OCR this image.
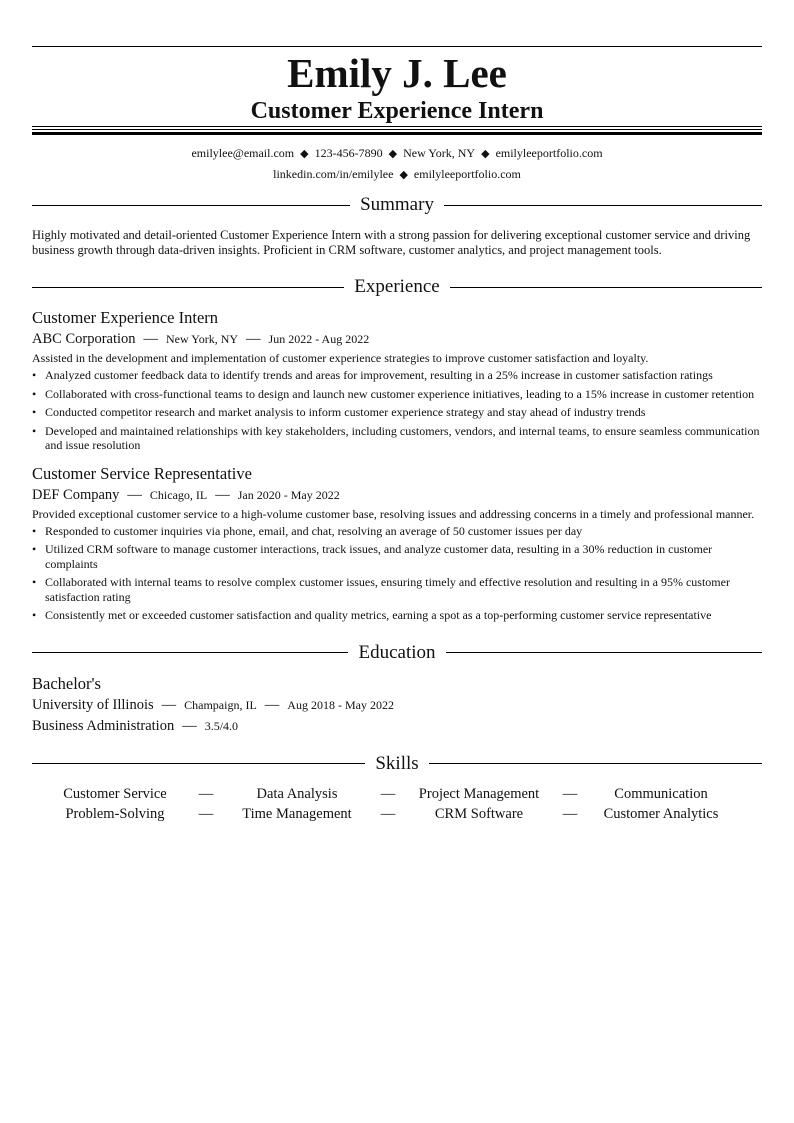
Emily J. Lee
Customer Experience Intern
emilylee@email.com ◆ 123-456-7890 ◆ New York, NY ◆ emilyleeportfolio.com
linkedin.com/in/emilylee ◆ emilyleeportfolio.com
Summary
Highly motivated and detail-oriented Customer Experience Intern with a strong passion for delivering exceptional customer service and driving business growth through data-driven insights. Proficient in CRM software, customer analytics, and project management tools.
Experience
Customer Experience Intern
ABC Corporation — New York, NY — Jun 2022 - Aug 2022
Assisted in the development and implementation of customer experience strategies to improve customer satisfaction and loyalty.
• Analyzed customer feedback data to identify trends and areas for improvement, resulting in a 25% increase in customer satisfaction ratings
• Collaborated with cross-functional teams to design and launch new customer experience initiatives, leading to a 15% increase in customer retention
• Conducted competitor research and market analysis to inform customer experience strategy and stay ahead of industry trends
• Developed and maintained relationships with key stakeholders, including customers, vendors, and internal teams, to ensure seamless communication and issue resolution
Customer Service Representative
DEF Company — Chicago, IL — Jan 2020 - May 2022
Provided exceptional customer service to a high-volume customer base, resolving issues and addressing concerns in a timely and professional manner.
• Responded to customer inquiries via phone, email, and chat, resolving an average of 50 customer issues per day
• Utilized CRM software to manage customer interactions, track issues, and analyze customer data, resulting in a 30% reduction in customer complaints
• Collaborated with internal teams to resolve complex customer issues, ensuring timely and effective resolution and resulting in a 95% customer satisfaction rating
• Consistently met or exceeded customer satisfaction and quality metrics, earning a spot as a top-performing customer service representative
Education
Bachelor's
University of Illinois — Champaign, IL — Aug 2018 - May 2022
Business Administration — 3.5/4.0
Skills
Customer Service	—	Data Analysis	—	Project Management	—	Communication
Problem-Solving	—	Time Management	—	CRM Software	—	Customer Analytics
